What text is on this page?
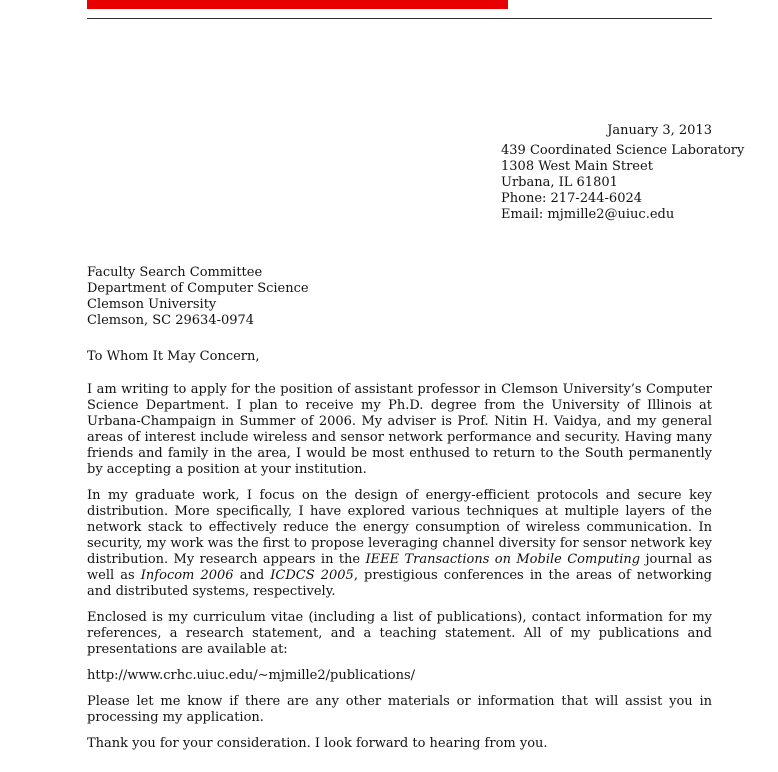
January 3, 2013
439 Coordinated Science Laboratory
1308 West Main Street
Urbana, IL 61801
Phone: 217-244-6024
Email: mjmille2@uiuc.edu
Faculty Search Committee
Department of Computer Science
Clemson University
Clemson, SC 29634-0974
To Whom It May Concern,

I am writing to apply for the position of assistant professor in Clemson University’s Computer Science Department. I plan to receive my Ph.D. degree from the University of Illinois at Urbana-Champaign in Summer of 2006. My adviser is Prof. Nitin H. Vaidya, and my general areas of interest include wireless and sensor network performance and security. Having many friends and family in the area, I would be most enthused to return to the South permanently by accepting a position at your institution.

In my graduate work, I focus on the design of energy-efficient protocols and secure key distribution. More specifically, I have explored various techniques at multiple layers of the network stack to effectively reduce the energy consumption of wireless communication. In security, my work was the first to propose leveraging channel diversity for sensor network key distribution. My research appears in the IEEE Transactions on Mobile Computing journal as well as Infocom 2006 and ICDCS 2005, prestigious conferences in the areas of networking and distributed systems, respectively.

Enclosed is my curriculum vitae (including a list of publications), contact information for my references, a research statement, and a teaching statement. All of my publications and presentations are available at:

http://www.crhc.uiuc.edu/∼mjmille2/publications/

Please let me know if there are any other materials or information that will assist you in processing my application.

Thank you for your consideration. I look forward to hearing from you.
